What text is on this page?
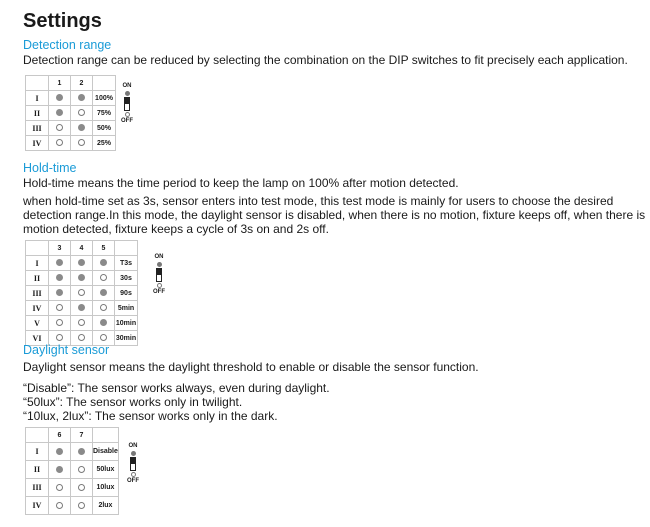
Settings
Detection range
Detection range can be reduced by selecting the combination on the DIP switches to fit precisely each application.
	1	2	
I			100%
II			75%
III			50%
IV			25%
ON
OFF
Hold-time
Hold-time means the time period to keep the lamp on 100% after motion detected.
when hold-time set as 3s, sensor enters into test mode, this test mode is mainly for users to choose the desired detection range.In this mode, the daylight sensor is disabled, when there is no motion, fixture keeps off, when there is motion detected, fixture keeps a cycle of 3s on and 2s off.
	3	4	5	
I				T3s
II				30s
III				90s
IV				5min
V				10min
VI				30min
ON
OFF
Daylight sensor
Daylight sensor means the daylight threshold to enable or disable the sensor function.
“Disable”: The sensor works always, even during daylight.
“50lux”: The sensor works only in twilight.
“10lux, 2lux”: The sensor works only in the dark.
	6	7	
I			Disable
II			50lux
III			10lux
IV			2lux
ON
OFF
